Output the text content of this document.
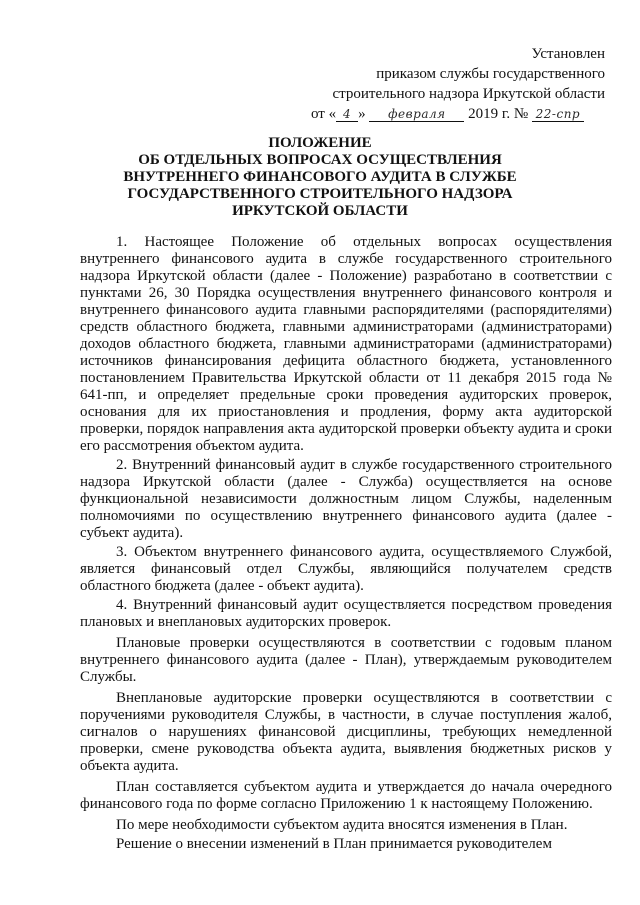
Установлен
приказом службы государственного
строительного надзора Иркутской области
от « 4 » февраля 2019 г. № 22-спр
ПОЛОЖЕНИЕ
ОБ ОТДЕЛЬНЫХ ВОПРОСАХ ОСУЩЕСТВЛЕНИЯ
ВНУТРЕННЕГО ФИНАНСОВОГО АУДИТА В СЛУЖБЕ
ГОСУДАРСТВЕННОГО СТРОИТЕЛЬНОГО НАДЗОРА
ИРКУТСКОЙ ОБЛАСТИ

1. Настоящее Положение об отдельных вопросах осуществления внутреннего финансового аудита в службе государственного строительного надзора Иркутской области (далее - Положение) разработано в соответствии с пунктами 26, 30 Порядка осуществления внутреннего финансового контроля и внутреннего финансового аудита главными распорядителями (распорядителями) средств областного бюджета, главными администраторами (администраторами) доходов областного бюджета, главными администраторами (администраторами) источников финансирования дефицита областного бюджета, установленного постановлением Правительства Иркутской области от 11 декабря 2015 года № 641-пп, и определяет предельные сроки проведения аудиторских проверок, основания для их приостановления и продления, форму акта аудиторской проверки, порядок направления акта аудиторской проверки объекту аудита и сроки его рассмотрения объектом аудита.

2. Внутренний финансовый аудит в службе государственного строительного надзора Иркутской области (далее - Служба) осуществляется на основе функциональной независимости должностным лицом Службы, наделенным полномочиями по осуществлению внутреннего финансового аудита (далее - субъект аудита).

3. Объектом внутреннего финансового аудита, осуществляемого Службой, является финансовый отдел Службы, являющийся получателем средств областного бюджета (далее - объект аудита).

4. Внутренний финансовый аудит осуществляется посредством проведения плановых и внеплановых аудиторских проверок.

Плановые проверки осуществляются в соответствии с годовым планом внутреннего финансового аудита (далее - План), утверждаемым руководителем Службы.

Внеплановые аудиторские проверки осуществляются в соответствии с поручениями руководителя Службы, в частности, в случае поступления жалоб, сигналов о нарушениях финансовой дисциплины, требующих немедленной проверки, смене руководства объекта аудита, выявления бюджетных рисков у объекта аудита.

План составляется субъектом аудита и утверждается до начала очередного финансового года по форме согласно Приложению 1 к настоящему Положению.

По мере необходимости субъектом аудита вносятся изменения в План.

Решение о внесении изменений в План принимается руководителем
